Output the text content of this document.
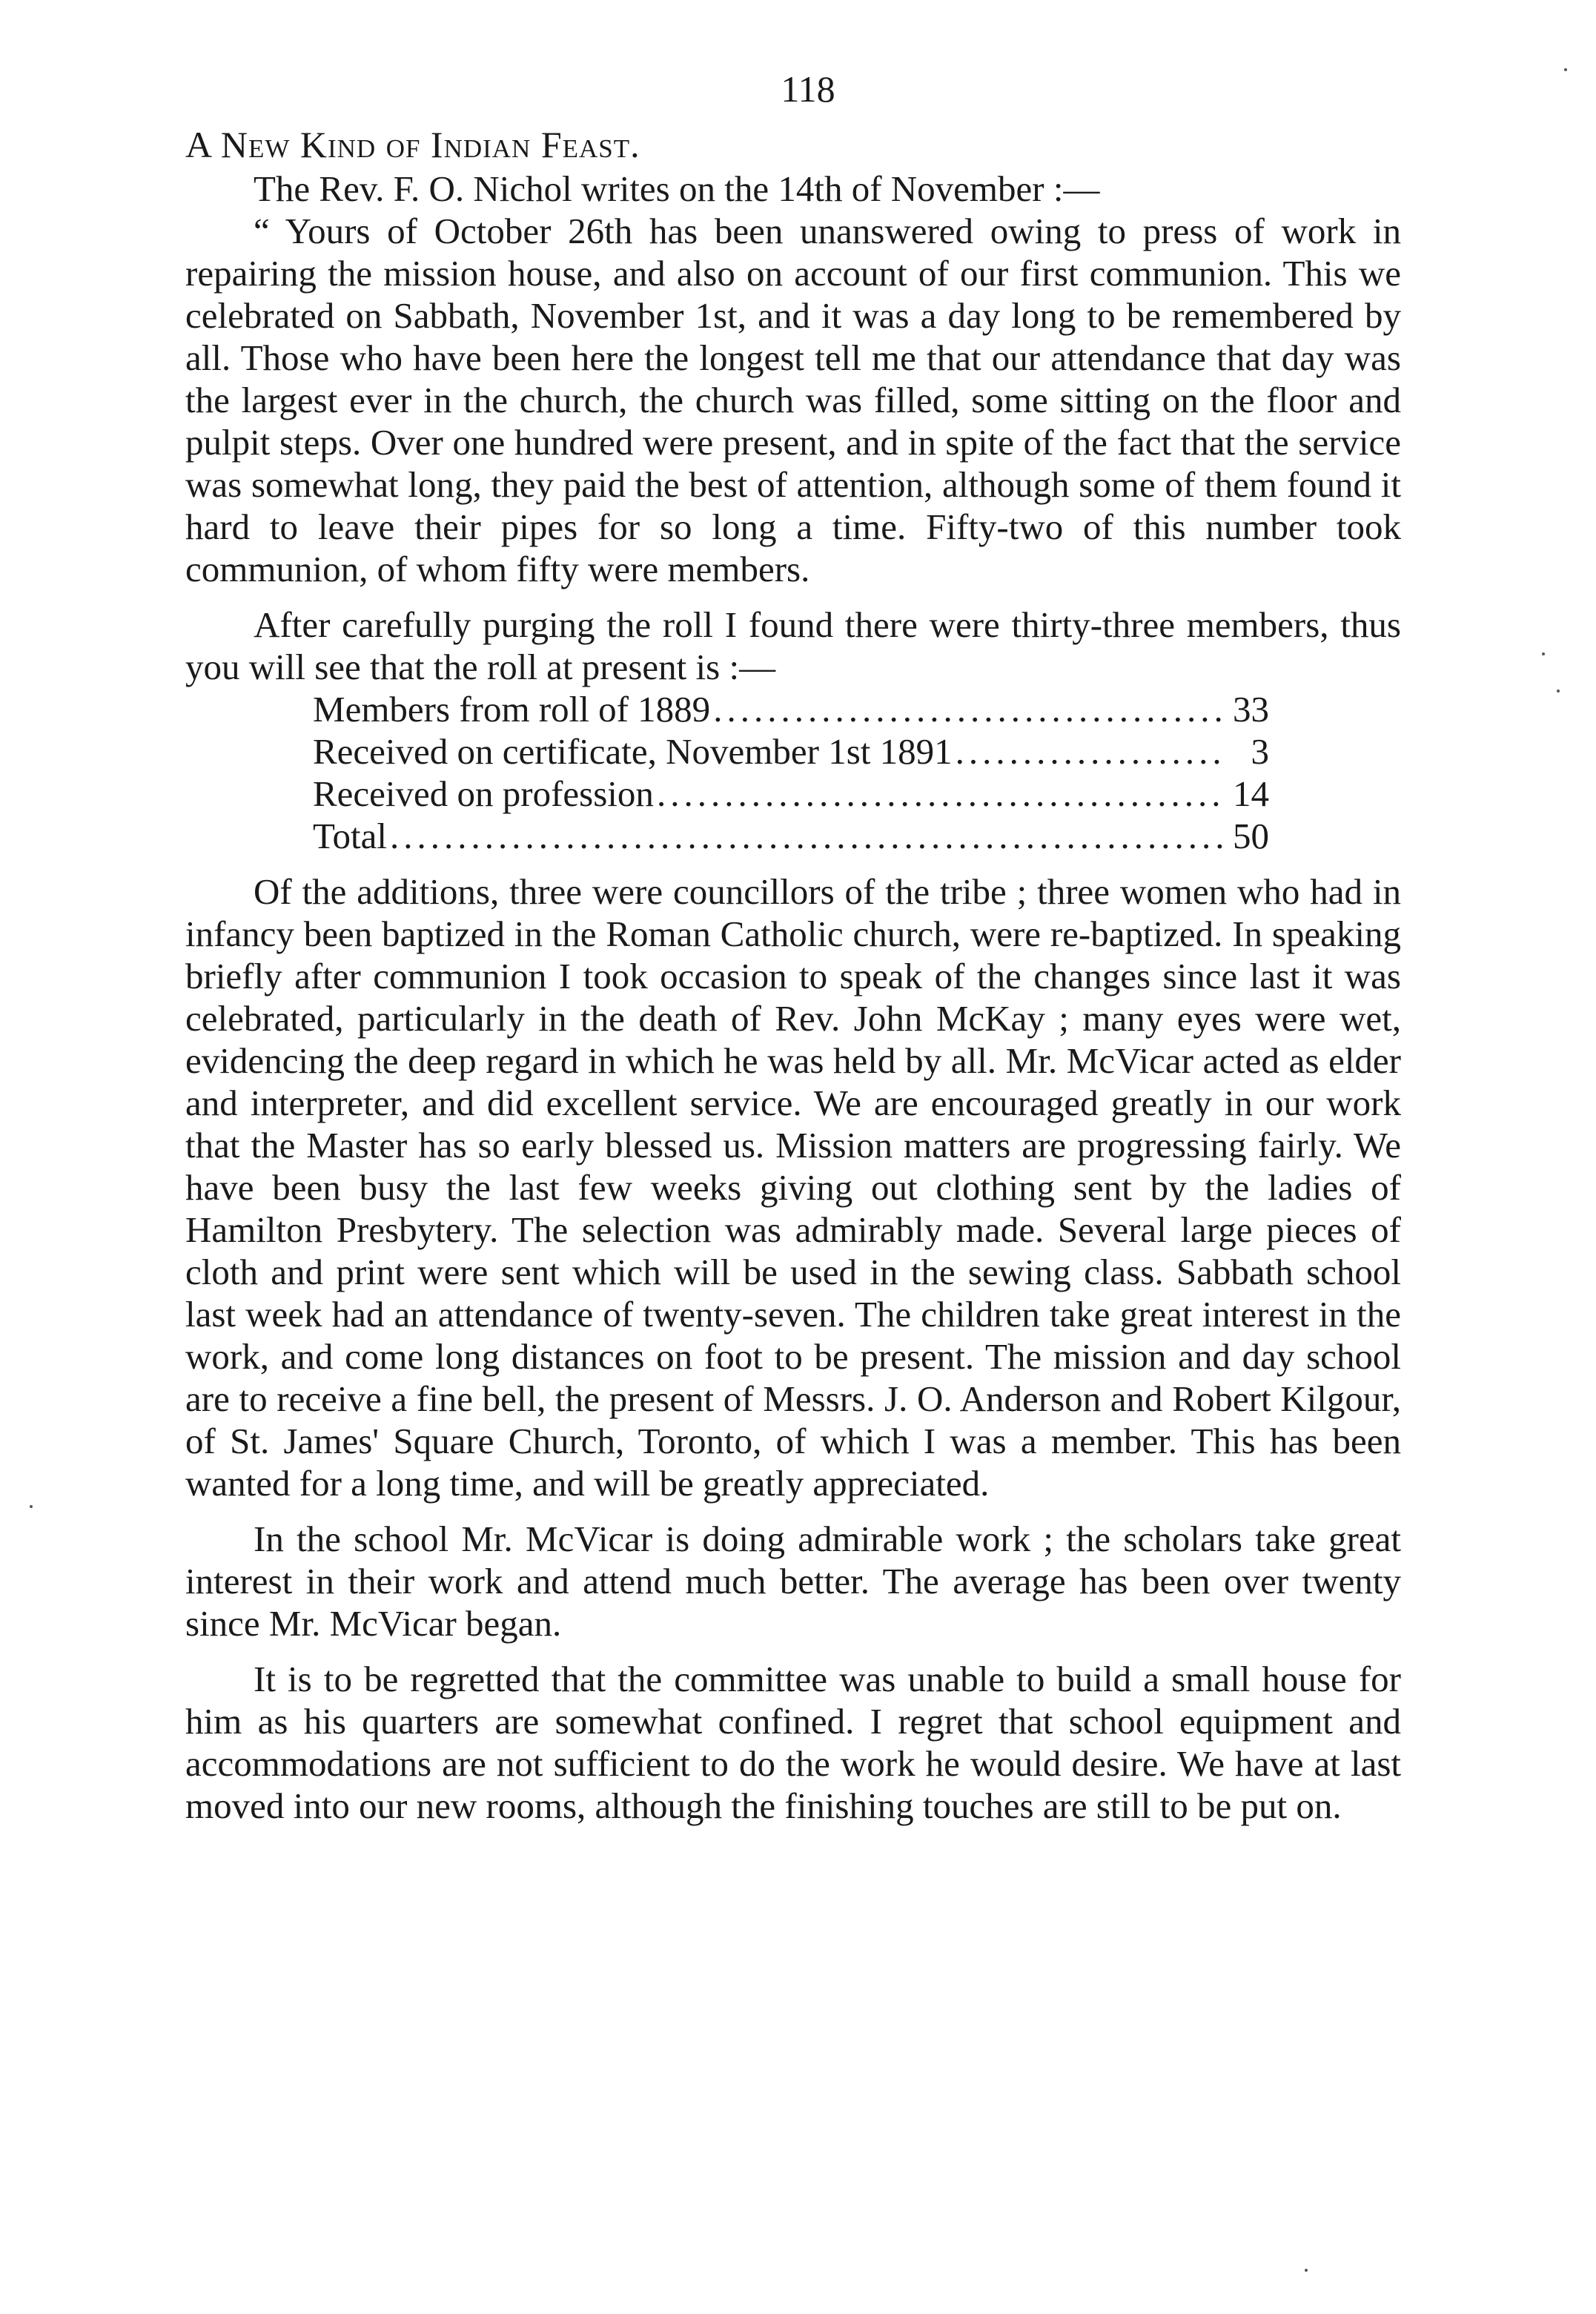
118
A New Kind of Indian Feast.

The Rev. F. O. Nichol writes on the 14th of November :—

“ Yours of October 26th has been unanswered owing to press of work in repairing the mission house, and also on account of our first communion. This we celebrated on Sabbath, November 1st, and it was a day long to be remembered by all. Those who have been here the longest tell me that our attendance that day was the largest ever in the church, the church was filled, some sitting on the floor and pulpit steps. Over one hundred were present, and in spite of the fact that the service was somewhat long, they paid the best of attention, although some of them found it hard to leave their pipes for so long a time. Fifty-two of this number took communion, of whom fifty were members.

After carefully purging the roll I found there were thirty-three members, thus you will see that the roll at present is :—

Members from roll of 1889 .....	33
Received on certificate, November 1st 1891 .....	3
Received on profession .....	14
Total .....	50

Of the additions, three were councillors of the tribe ; three women who had in infancy been baptized in the Roman Catholic church, were re-baptized. In speaking briefly after communion I took occasion to speak of the changes since last it was celebrated, particularly in the death of Rev. John McKay ; many eyes were wet, evidencing the deep regard in which he was held by all. Mr. McVicar acted as elder and interpreter, and did excellent service. We are encouraged greatly in our work that the Master has so early blessed us. Mission matters are progressing fairly. We have been busy the last few weeks giving out clothing sent by the ladies of Hamilton Presbytery. The selection was admirably made. Several large pieces of cloth and print were sent which will be used in the sewing class. Sabbath school last week had an attendance of twenty-seven. The children take great interest in the work, and come long distances on foot to be present. The mission and day school are to receive a fine bell, the present of Messrs. J. O. Anderson and Robert Kilgour, of St. James' Square Church, Toronto, of which I was a member. This has been wanted for a long time, and will be greatly appreciated.

In the school Mr. McVicar is doing admirable work ; the scholars take great interest in their work and attend much better. The average has been over twenty since Mr. McVicar began.

It is to be regretted that the committee was unable to build a small house for him as his quarters are somewhat confined. I regret that school equipment and accommodations are not sufficient to do the work he would desire. We have at last moved into our new rooms, although the finishing touches are still to be put on.
